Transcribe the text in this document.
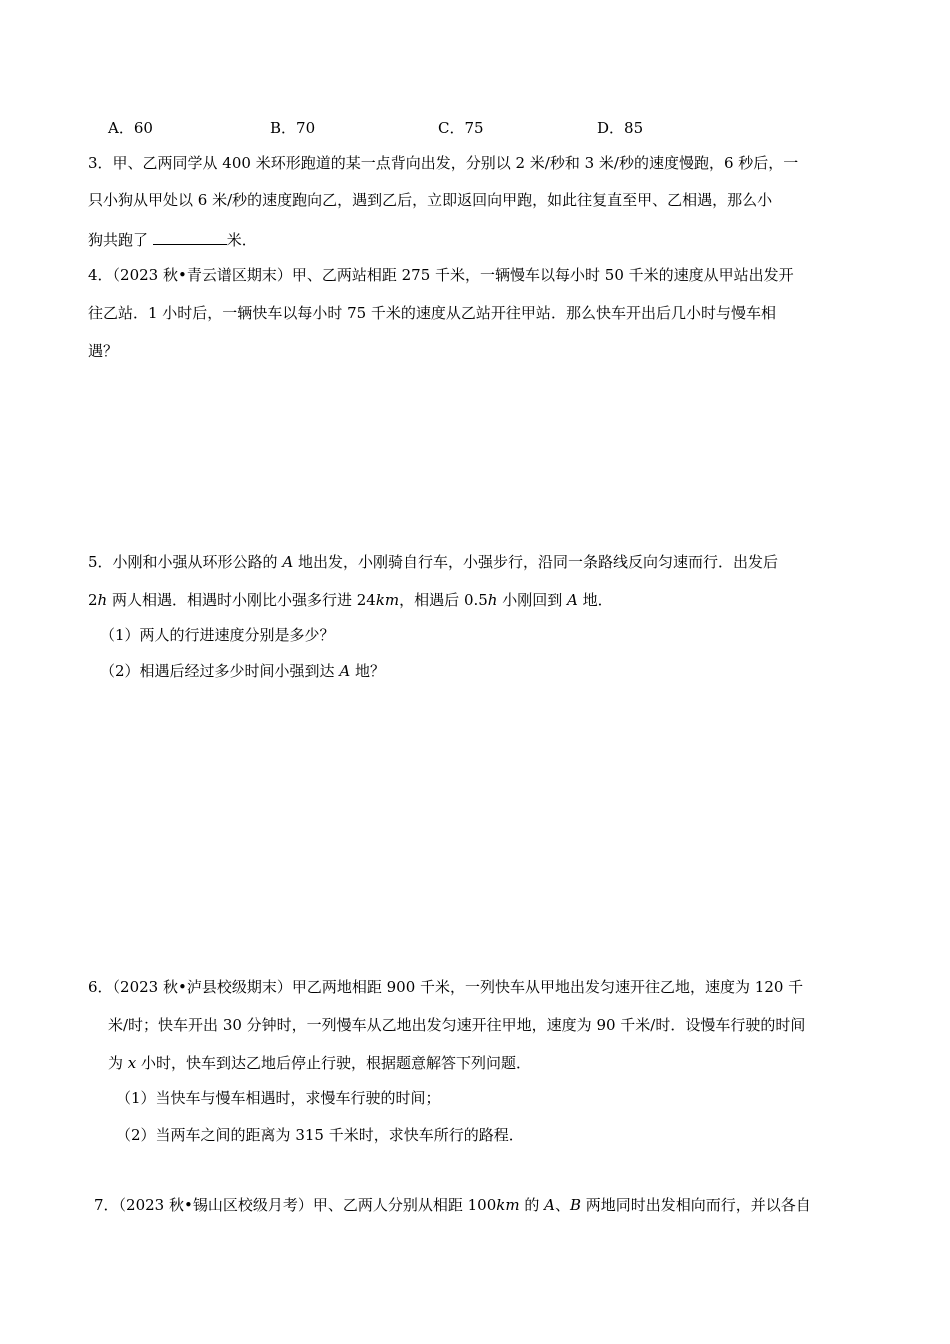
A．60	B．70	C．75	D．85
3．甲、乙两同学从 400 米环形跑道的某一点背向出发，分别以 2 米/秒和 3 米/秒的速度慢跑，6 秒后，一
只小狗从甲处以 6 米/秒的速度跑向乙，遇到乙后，立即返回向甲跑，如此往复直至甲、乙相遇，那么小
狗共跑了	米．
4．（2023 秋•青云谱区期末）甲、乙两站相距 275 千米，一辆慢车以每小时 50 千米的速度从甲站出发开
往乙站．1 小时后，一辆快车以每小时 75 千米的速度从乙站开往甲站．那么快车开出后几小时与慢车相
遇？
5．小刚和小强从环形公路的 A 地出发，小刚骑自行车，小强步行，沿同一条路线反向匀速而行．出发后
2h 两人相遇．相遇时小刚比小强多行进 24km，相遇后 0.5h 小刚回到 A 地．
（1）两人的行进速度分别是多少？
（2）相遇后经过多少时间小强到达 A 地？
6．（2023 秋•泸县校级期末）甲乙两地相距 900 千米，一列快车从甲地出发匀速开往乙地，速度为 120 千
米/时；快车开出 30 分钟时，一列慢车从乙地出发匀速开往甲地，速度为 90 千米/时．设慢车行驶的时间
为 x 小时，快车到达乙地后停止行驶，根据题意解答下列问题．
（1）当快车与慢车相遇时，求慢车行驶的时间；
（2）当两车之间的距离为 315 千米时，求快车所行的路程．
7．（2023 秋•锡山区校级月考）甲、乙两人分别从相距 100km 的 A、B 两地同时出发相向而行，并以各自
